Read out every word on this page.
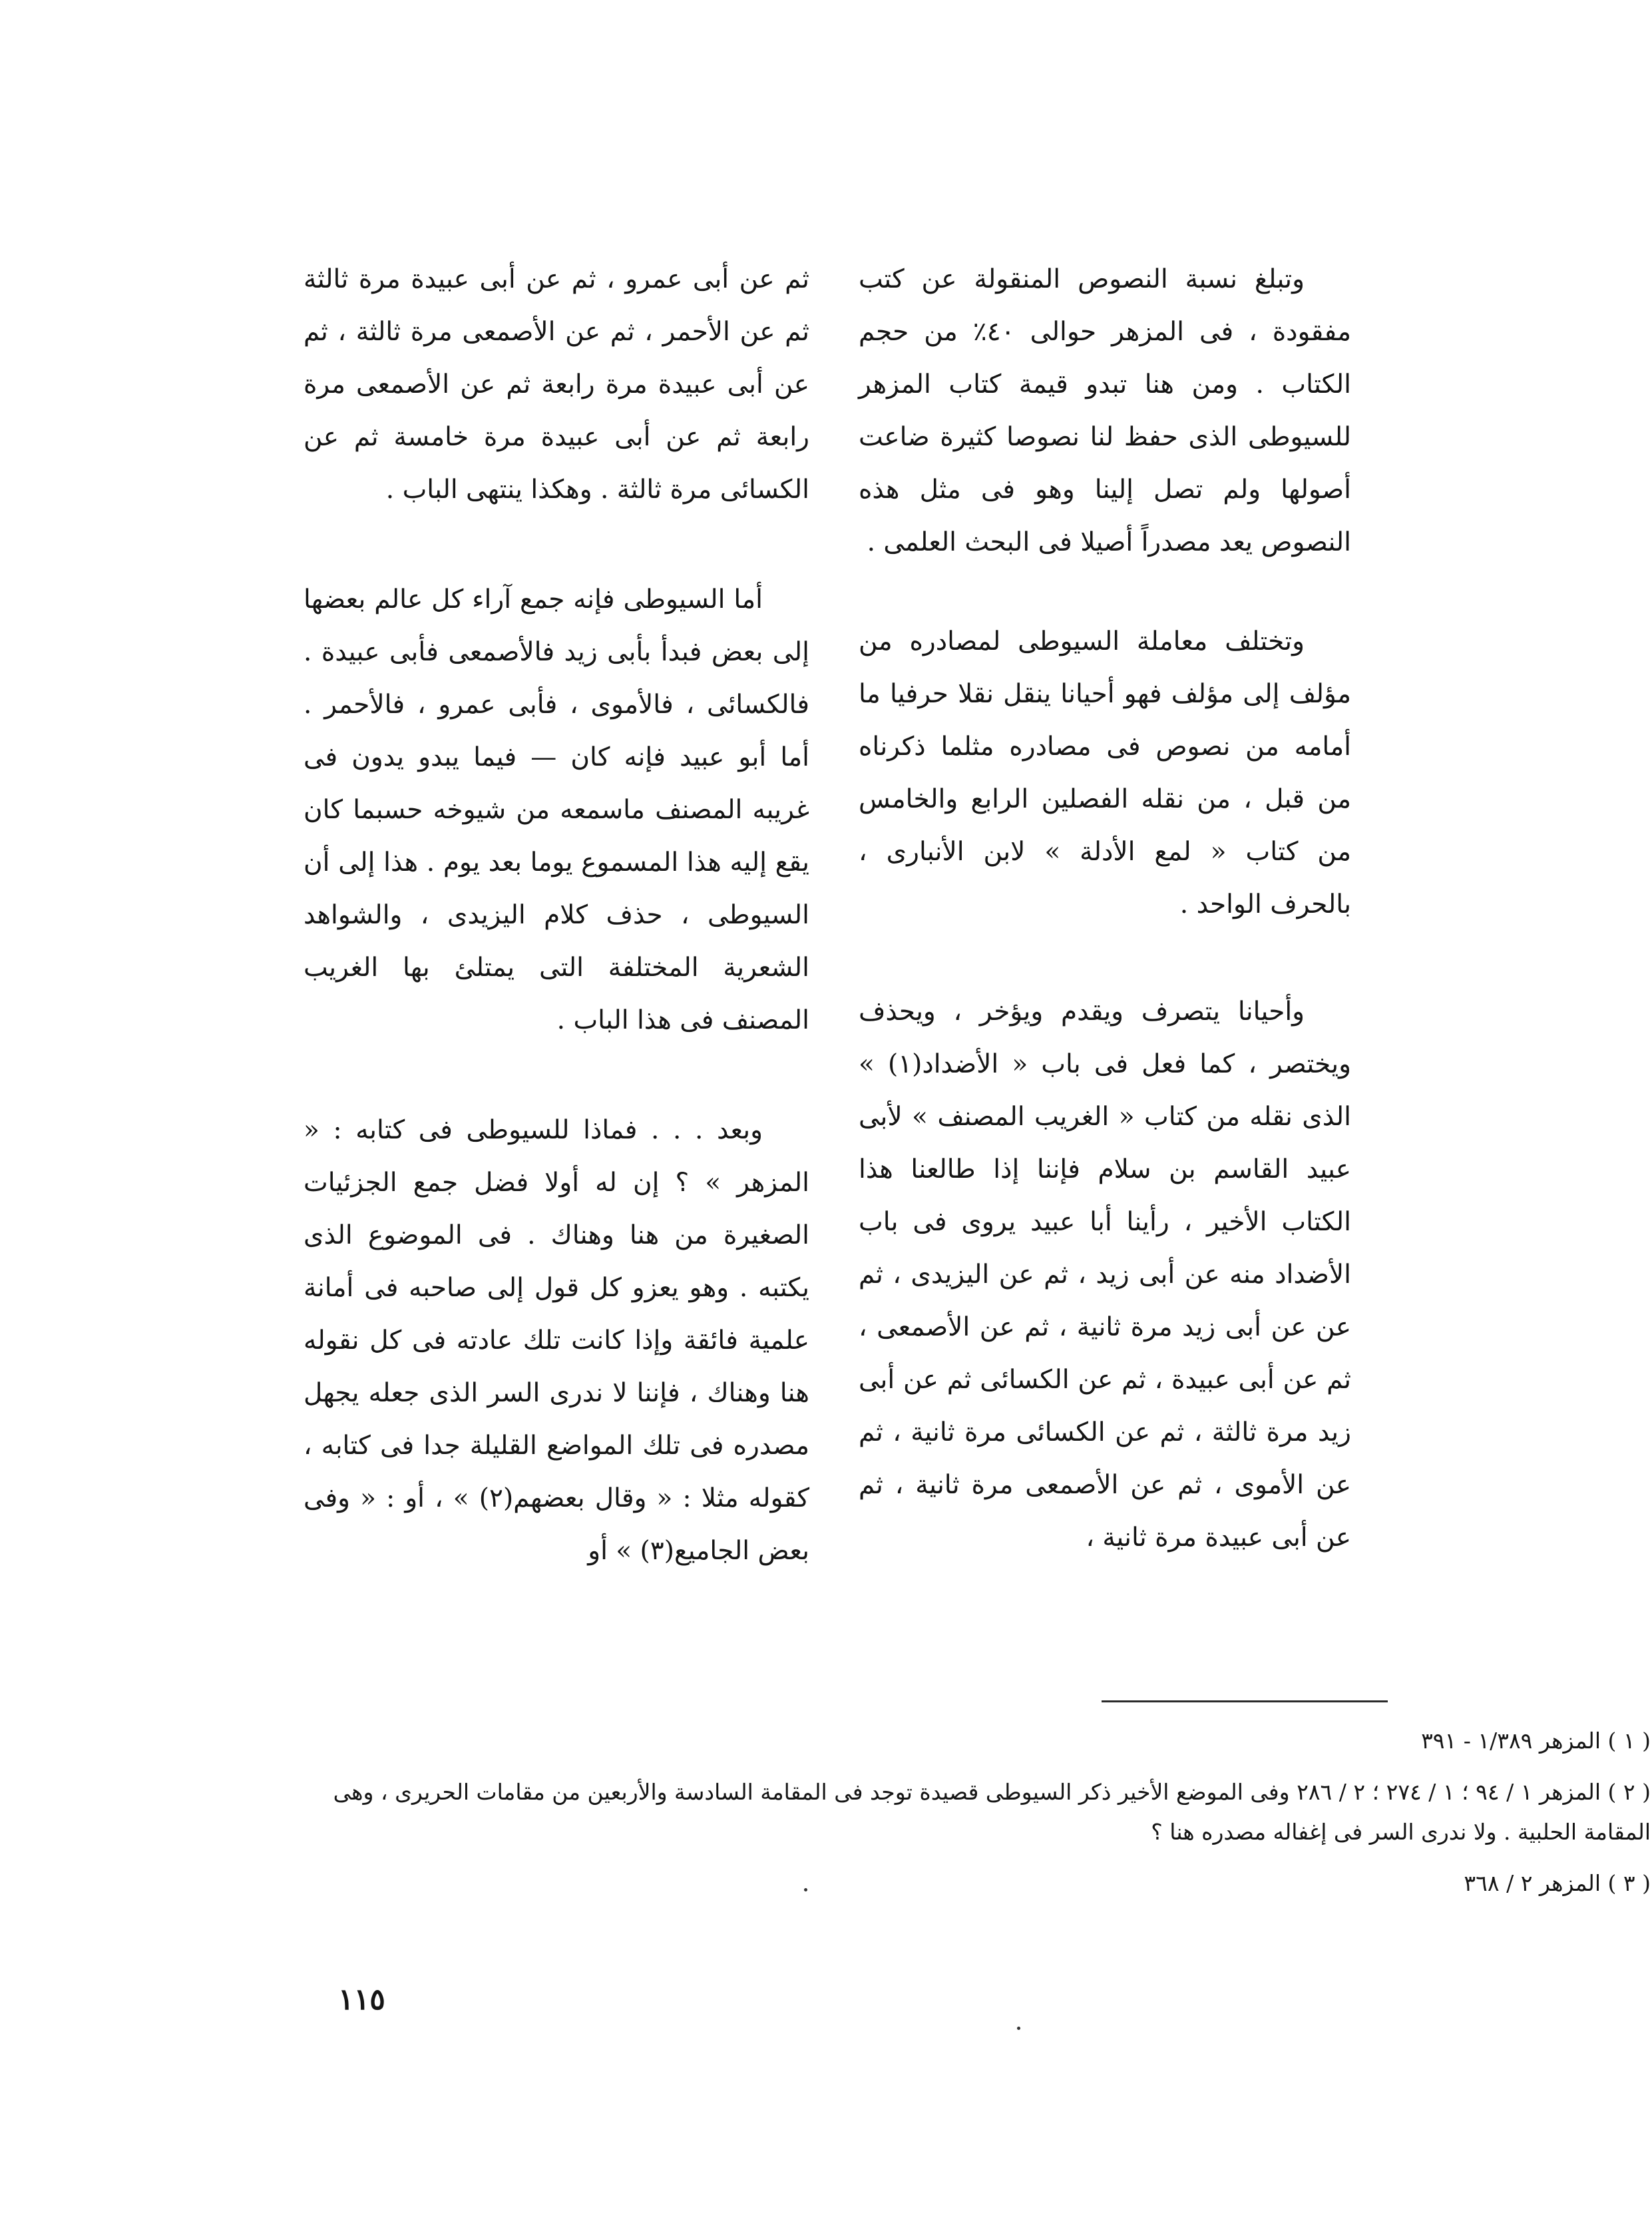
وتبلغ نسبة النصوص المنقولة عن كتب مفقودة ، فى المزهر حوالى ٤٠٪ من حجم الكتاب . ومن هنا تبدو قيمة كتاب المزهر للسيوطى الذى حفظ لنا نصوصا كثيرة ضاعت أصولها ولم تصل إلينا وهو فى مثل هذه النصوص يعد مصدراً أصيلا فى البحث العلمى .

وتختلف معاملة السيوطى لمصادره من مؤلف إلى مؤلف فهو أحيانا ينقل نقلا حرفيا ما أمامه من نصوص فى مصادره مثلما ذكرناه من قبل ، من نقله الفصلين الرابع والخامس من كتاب « لمع الأدلة » لابن الأنبارى ، بالحرف الواحد .

وأحيانا يتصرف ويقدم ويؤخر ، ويحذف ويختصر ، كما فعل فى باب « الأضداد(١) » الذى نقله من كتاب « الغريب المصنف » لأبى عبيد القاسم بن سلام فإننا إذا طالعنا هذا الكتاب الأخير ، رأينا أبا عبيد يروى فى باب الأضداد منه عن أبى زيد ، ثم عن اليزيدى ، ثم عن عن أبى زيد مرة ثانية ، ثم عن الأصمعى ، ثم عن أبى عبيدة ، ثم عن الكسائى ثم عن أبى زيد مرة ثالثة ، ثم عن الكسائى مرة ثانية ، ثم عن الأموى ، ثم عن الأصمعى مرة ثانية ، ثم عن أبى عبيدة مرة ثانية ،

ثم عن أبى عمرو ، ثم عن أبى عبيدة مرة ثالثة ثم عن الأحمر ، ثم عن الأصمعى مرة ثالثة ، ثم عن أبى عبيدة مرة رابعة ثم عن الأصمعى مرة رابعة ثم عن أبى عبيدة مرة خامسة ثم عن الكسائى مرة ثالثة . وهكذا ينتهى الباب .

أما السيوطى فإنه جمع آراء كل عالم بعضها إلى بعض فبدأ بأبى زيد فالأصمعى فأبى عبيدة . فالكسائى ، فالأموى ، فأبى عمرو ، فالأحمر . أما أبو عبيد فإنه كان — فيما يبدو يدون فى غريبه المصنف ماسمعه من شيوخه حسبما كان يقع إليه هذا المسموع يوما بعد يوم . هذا إلى أن السيوطى ، حذف كلام اليزيدى ، والشواهد الشعرية المختلفة التى يمتلئ بها الغريب المصنف فى هذا الباب .

وبعد . . . فماذا للسيوطى فى كتابه : « المزهر » ؟ إن له أولا فضل جمع الجزئيات الصغيرة من هنا وهناك . فى الموضوع الذى يكتبه . وهو يعزو كل قول إلى صاحبه فى أمانة علمية فائقة وإذا كانت تلك عادته فى كل نقوله هنا وهناك ، فإننا لا ندرى السر الذى جعله يجهل مصدره فى تلك المواضع القليلة جدا فى كتابه ، كقوله مثلا : « وقال بعضهم(٢) » ، أو : « وفى بعض الجاميع(٣) » أو

( ١ ) المزهر ١/٣٨٩ - ٣٩١

( ٢ ) المزهر ١ / ٩٤ ؛ ١ / ٢٧٤ ؛ ٢ / ٢٨٦ وفى الموضع الأخير ذكر السيوطى قصيدة توجد فى المقامة السادسة والأربعين من مقامات الحريرى ، وهى المقامة الحلبية . ولا ندرى السر فى إغفاله مصدره هنا ؟

( ٣ ) المزهر ٢ / ٣٦٨

١١٥
